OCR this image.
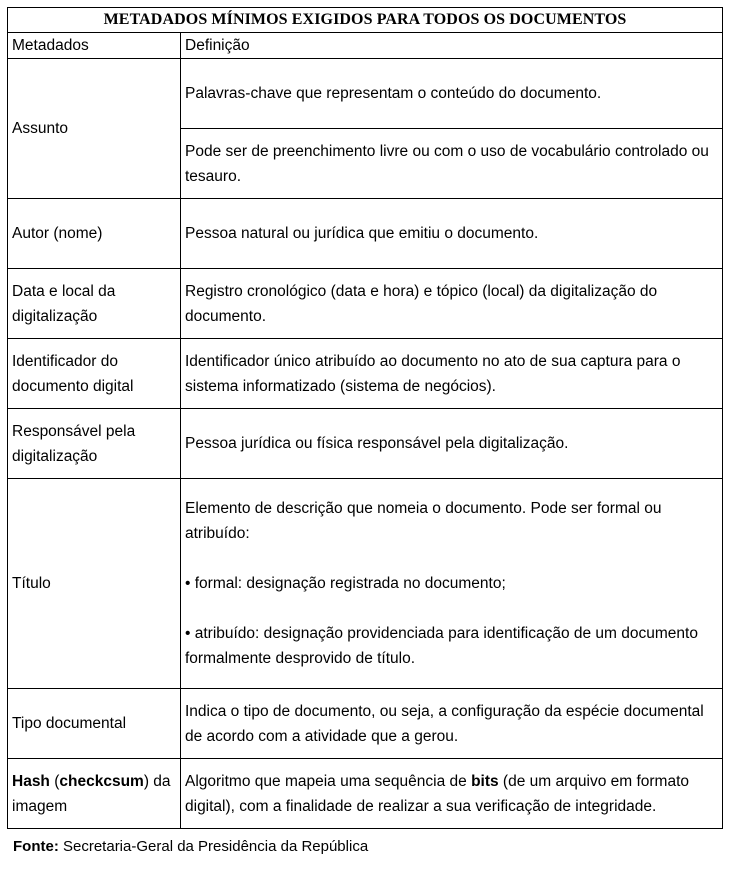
METADADOS MÍNIMOS EXIGIDOS PARA TODOS OS DOCUMENTOS	
Metadados	Definição
Assunto	Palavras-chave que representam o conteúdo do documento.
	Pode ser de preenchimento livre ou com o uso de vocabulário controlado ou tesauro.
Autor (nome)	Pessoa natural ou jurídica que emitiu o documento.
Data e local da digitalização	Registro cronológico (data e hora) e tópico (local) da digitalização do documento.
Identificador do documento digital	Identificador único atribuído ao documento no ato de sua captura para o sistema informatizado (sistema de negócios).
Responsável pela digitalização	Pessoa jurídica ou física responsável pela digitalização.
Título	Elemento de descrição que nomeia o documento. Pode ser formal ou atribuído:
• formal: designação registrada no documento;
• atribuído: designação providenciada para identificação de um documento formalmente desprovido de título.

Tipo documental	Indica o tipo de documento, ou seja, a configuração da espécie documental de acordo com a atividade que a gerou.
Hash (checkcsum) da imagem	Algoritmo que mapeia uma sequência de bits (de um arquivo em formato digital), com a finalidade de realizar a sua verificação de integridade.
Fonte: Secretaria-Geral da Presidência da República
